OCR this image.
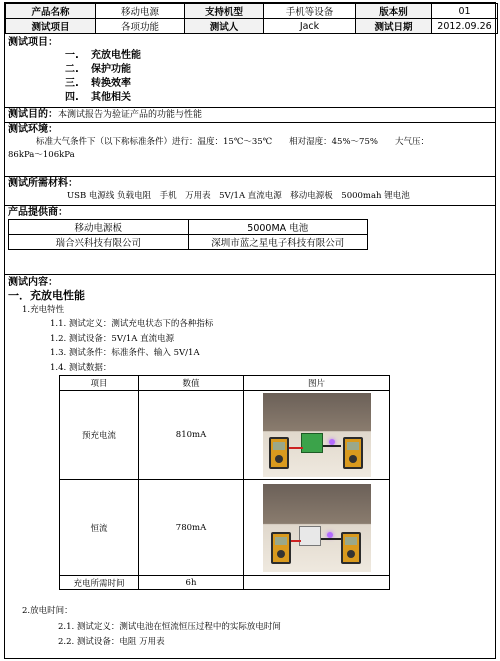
产品名称	移动电源	支持机型	手机等设备	版本别	01
测试项目	各项功能	测试人	Jack	测试日期	2012.09.26
测试项目：
一. 充放电性能
二. 保护功能
三. 转换效率
四. 其他相关
测试目的：本测试报告为验证产品的功能与性能
测试环境：
标准大气条件下（以下称标准条件）进行：温度：15℃～35℃　　相对湿度：45%～75%　　大气压：
86kPa～106kPa
测试所需材料：
USB 电源线 负载电阻　手机　万用表　5V/1A 直流电源　移动电源板　5000mah 锂电池
产品提供商：
移动电源板	5000MA 电池
瑞合兴科技有限公司	深圳市蓝之星电子科技有限公司
测试内容：
一．充放电性能
1.充电特性
1.1. 测试定义：测试充电状态下的各种指标
1.2. 测试设备：5V/1A 直流电源
1.3. 测试条件：标准条件、输入 5V/1A
1.4. 测试数据：
项目	数值	图片
预充电流	810mA	

恒流	780mA	

充电所需时间	6h	
2.放电时间：
2.1. 测试定义：测试电池在恒流恒压过程中的实际放电时间
2.2. 测试设备：电阻 万用表
